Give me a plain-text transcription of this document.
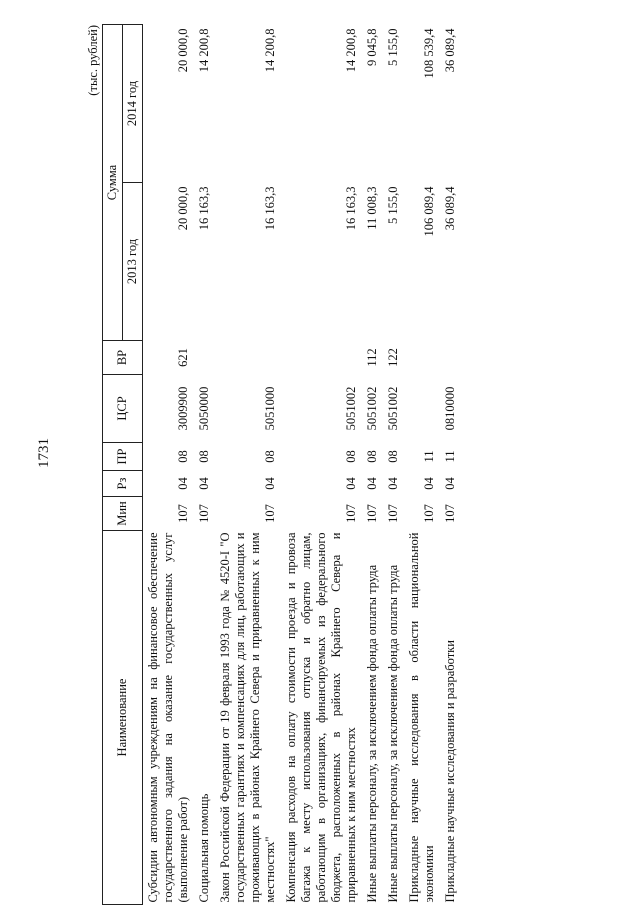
1731
(тыс. рублей)
Наименование	Мин	Рз	ПР	ЦСР	ВР	Сумма	
						2013 год	2014 год
Субсидии автономным учреждениям на финансовое обеспечение государственного задания на оказание государственных услуг (выполнение работ)	107	04	08	3009900	621	20 000,0	20 000,0
Социальная помощь	107	04	08	5050000		16 163,3	14 200,8
Закон Российской Федерации от 19 февраля 1993 года № 4520-I "О государственных гарантиях и компенсациях для лиц, работающих и проживающих в районах Крайнего Севера и приравненных к ним местностях"	107	04	08	5051000		16 163,3	14 200,8
Компенсация расходов на оплату стоимости проезда и провоза багажа к месту использования отпуска и обратно лицам, работающим в организациях, финансируемых из федерального бюджета, расположенных в районах Крайнего Севера и приравненных к ним местностях	107	04	08	5051002		16 163,3	14 200,8
Иные выплаты персоналу, за исключением фонда оплаты труда	107	04	08	5051002	112	11 008,3	9 045,8
Иные выплаты персоналу, за исключением фонда оплаты труда	107	04	08	5051002	122	5 155,0	5 155,0
Прикладные научные исследования в области национальной экономики	107	04	11			106 089,4	108 539,4
Прикладные научные исследования и разработки	107	04	11	0810000		36 089,4	36 089,4
